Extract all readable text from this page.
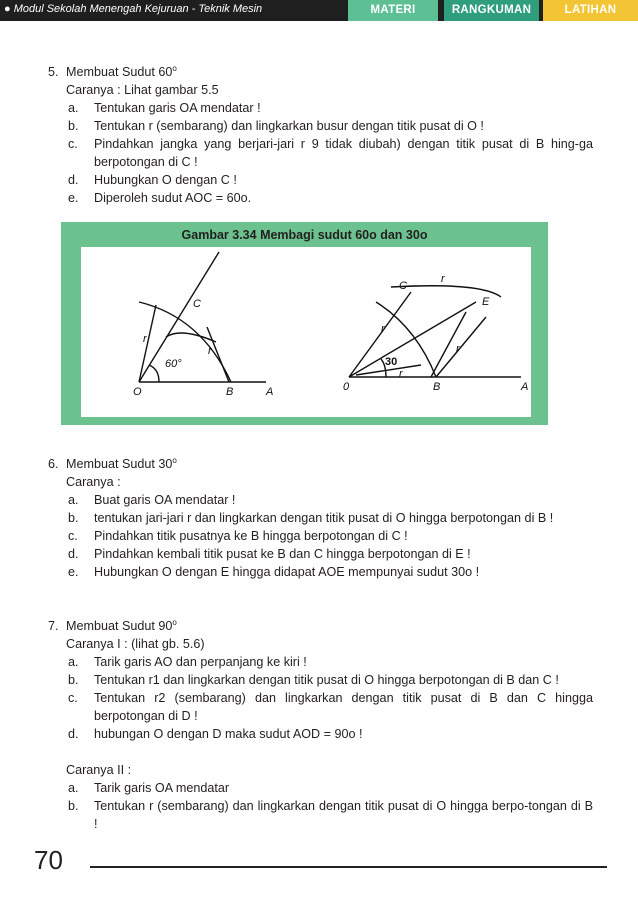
● Modul Sekolah Menengah Kejuruan - Teknik Mesin	MATERI	RANGKUMAN	LATIHAN
5. Membuat Sudut 60$^o$
Caranya : Lihat gambar 5.5
a. Tentukan garis OA mendatar !
b. Tentukan r (sembarang) dan lingkarkan busur dengan titik pusat di O !
c. Pindahkan jangka yang berjari-jari r 9 tidak diubah) dengan titik pusat di B hing-ga berpotongan di C !
d. Hubungkan O dengan C !
e. Diperoleh sudut AOC = 60o.
Gambar 3.34 Membagi sudut 60o dan 30o
C
r
r
60°
O	B	A
C
E
r
r
r
r
30
0	B	A
6. Membuat Sudut 30$^o$
Caranya :
a. Buat garis OA mendatar !
b. tentukan jari-jari r dan lingkarkan dengan titik pusat di O hingga berpotongan di B !
c. Pindahkan titik pusatnya ke B hingga berpotongan di C !
d. Pindahkan kembali titik pusat ke B dan C hingga berpotongan di E !
e. Hubungkan O dengan E hingga didapat AOE mempunyai sudut 30o !
7. Membuat Sudut 90$^o$
Caranya I : (lihat gb. 5.6)
a. Tarik garis AO dan perpanjang ke kiri !
b. Tentukan r1 dan lingkarkan dengan titik pusat di O hingga berpotongan di B dan C !
c. Tentukan r2 (sembarang) dan lingkarkan dengan titik pusat di B dan C hingga berpotongan di D !
d. hubungan O dengan D maka sudut AOD = 90o !
Caranya II :
a. Tarik garis OA mendatar
b. Tentukan r (sembarang) dan lingkarkan dengan titik pusat di O hingga berpo-tongan di B !
70
